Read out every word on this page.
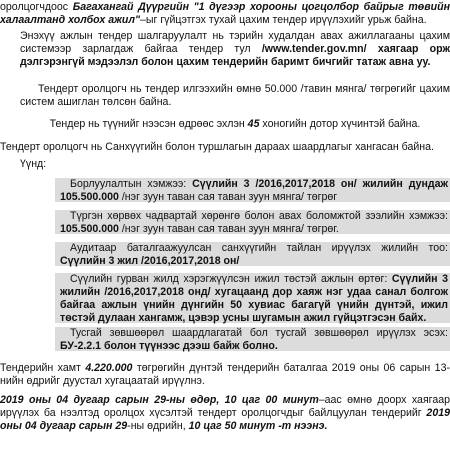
оролцогчдоос Багахангай Дүүргийн "1 дүгээр хорооны цогцолбор байрыг төвийн халаалтанд холбох ажил"–ыг гүйцэтгэх тухай цахим тендер ирүүлэхийг урьж байна.

Энэхүү ажлын тендер шалгаруулалт нь тэрийн худалдан авах ажиллагааны цахим системээр зарлагдаж байгаа тендер тул /www.tender.gov.mn/ хаягаар орж дэлгэрэнгүй мэдээлэл болон цахим тендерийн баримт бичгийг татаж авна уу.

Тендерт оролцогч нь тендер илгээхийн өмнө 50.000 /тавин мянга/ төгрөгийг цахим систем ашиглан төлсөн байна.

Тендер нь түүнийг нээсэн өдрөөс эхлэн 45 хоногийн дотор хүчинтэй байна.

Тендерт оролцогч нь Санхүүгийн болон туршлагын дараах шаардлагыг хангасан байна.

Үүнд:

Борлуулалтын хэмжээ: Сүүлийн 3 /2016,2017,2018 он/ жилийн дундаж 105.500.000 /нэг зуун таван сая таван зуун мянга/ төгрөг

Түргэн хөрвөх чадвартай хөрөнгө болон авах боломжтой зээлийн хэмжээ: 105.500.000 /нэг зуун таван сая таван зуун мянга/ төгрөг.

Аудитаар баталгаажуулсан санхүүгийн тайлан ирүүлэх жилийн тоо: Сүүлийн 3 жил /2016,2017,2018 он/

Сүүлийн гурван жилд хэрэгжүүлсэн ижил төстэй ажлын өртөг: Сүүлийн 3 жилийн /2016,2017,2018 онд/ хугацаанд дор хаяж нэг удаа санал болгож байгаа ажлын үнийн дүнгийн 50 хувиас багагүй үнийн дүнтэй, ижил төстэй дулаан хангамж, цэвэр усны шугамын ажил гүйцэтгэсэн байх.

Тусгай зөвшөөрөл шаардлагатай бол тусгай зөвшөөрөл ирүүлэх эсэх: БУ-2.2.1 болон түүнээс дээш байж болно.

Тендерийн хамт 4.220.000 төгрөгийн дүнтэй тендерийн баталгаа 2019 оны 06 сарын 13-нийн өдрийг дуустал хугацаатай ирүүлнэ.

2019 оны 04 дугаар сарын 29-ны өдөр, 10 цаг 00 минут–аас өмнө доорх хаягаар ирүүлэх ба нээлтэд оролцох хүсэлтэй тендерт оролцогчдыг байлцуулан тендерийг 2019 оны 04 дугаар сарын 29-ны өдрийн, 10 цаг 50 минут -т нээнэ.
